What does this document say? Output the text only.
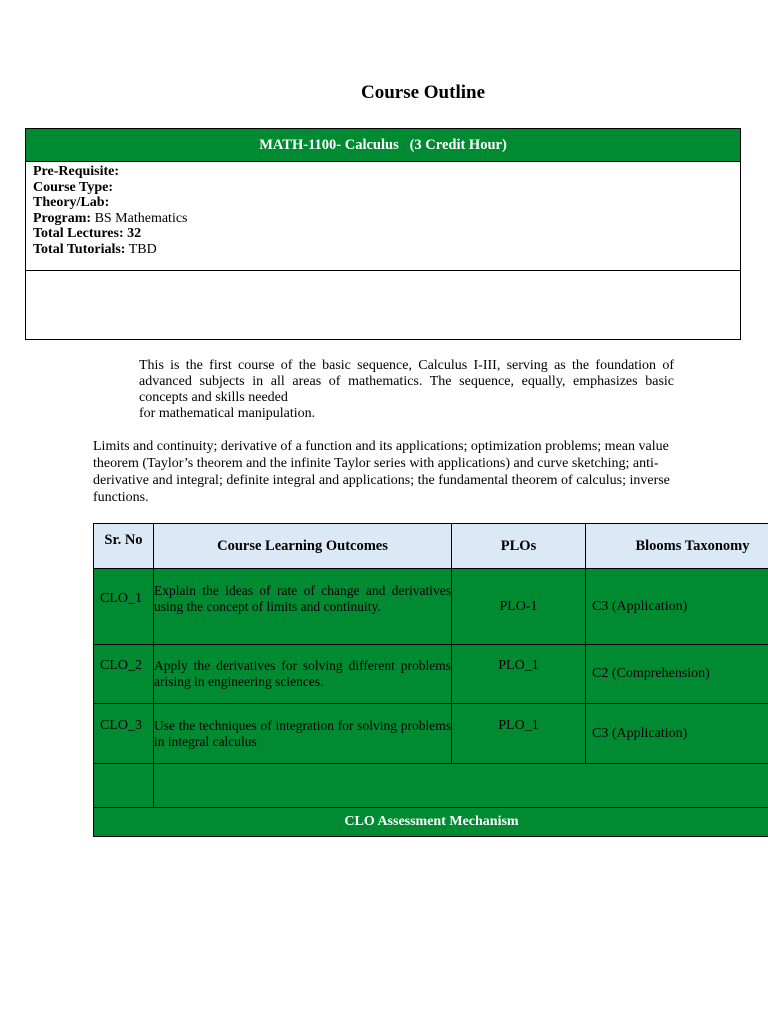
Course Outline
MATH-1100- Calculus   (3 Credit Hour)
Pre-Requisite:
Course Type:
Theory/Lab:
Program: BS Mathematics
Total Lectures: 32
Total Tutorials: TBD

This is the first course of the basic sequence, Calculus I-III, serving as the foundation of advanced subjects in all areas of mathematics. The sequence, equally, emphasizes basic concepts and skills needed

for mathematical manipulation.

Limits and continuity; derivative of a function and its applications; optimization problems; mean value theorem (Taylor’s theorem and the infinite Taylor series with applications) and curve sketching; anti-derivative and integral; definite integral and applications; the fundamental theorem of calculus; inverse functions.
Sr. No	Course Learning Outcomes	PLOs	Blooms Taxonomy
CLO_1	Explain the ideas of rate of change and derivatives using the concept of limits and continuity.	PLO-1	C3 (Application)
CLO_2	Apply the derivatives for solving different problems arising in engineering sciences.	PLO_1	C2 (Comprehension)
CLO_3	Use the techniques of integration for solving problems in integral calculus	PLO_1	C3 (Application)

CLO Assessment Mechanism			
